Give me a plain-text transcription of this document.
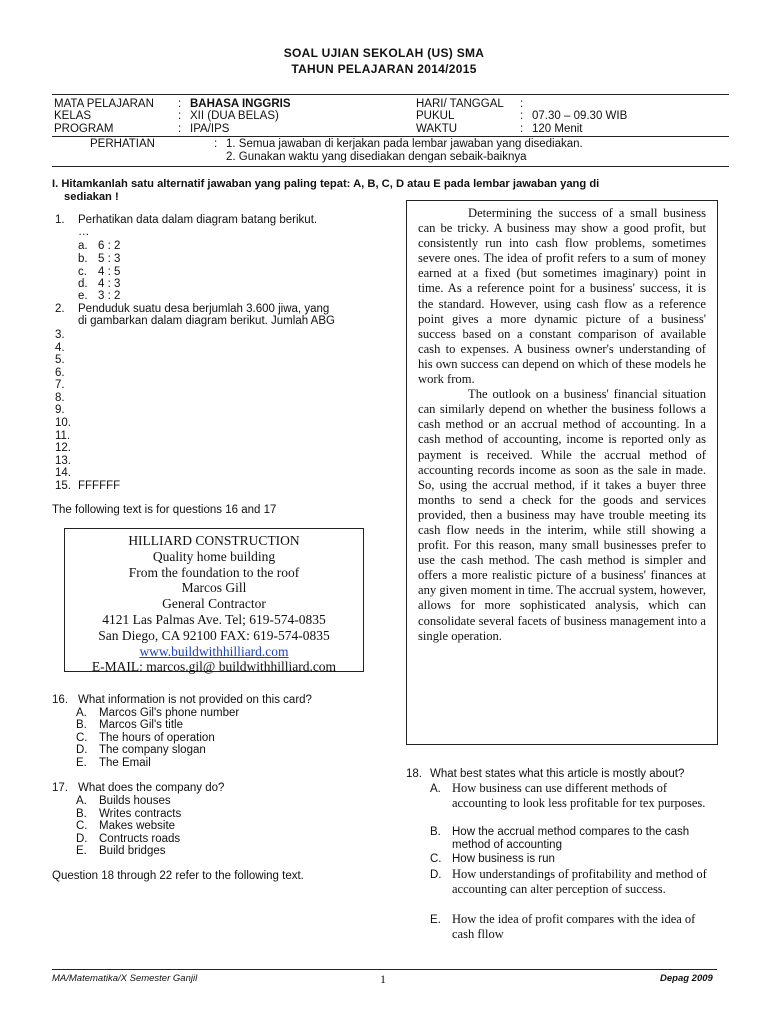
SOAL UJIAN SEKOLAH (US) SMA
TAHUN PELAJARAN 2014/2015
MATA PELAJARAN : BAHASA INGGRIS
KELAS	: XII (DUA BELAS)
PROGRAM	: IPA/IPS
HARI/ TANGGAL :
PUKUL	: 07.30 – 09.30 WIB
WAKTU	: 120 Menit
PERHATIAN	: 1. Semua jawaban di kerjakan pada lembar jawaban yang disediakan.
2. Gunakan waktu yang disediakan dengan sebaik-baiknya
I. Hitamkanlah satu alternatif jawaban yang paling tepat: A, B, C, D atau E pada lembar jawaban yang di
sediakan !
1. Perhatikan data dalam diagram batang berikut.
…
a. 6 : 2
b. 5 : 3
c. 4 : 5
d. 4 : 3
e. 3 : 2
2. Penduduk suatu desa berjumlah 3.600 jiwa, yang
di gambarkan dalam diagram berikut. Jumlah ABG
3.
4.
5.
6.
7.
8.
9.
10.
11.
12.
13.
14.
15. FFFFFF
The following text is for questions 16 and 17
HILLIARD CONSTRUCTION
Quality home building
From the foundation to the roof
Marcos Gill
General Contractor
4121 Las Palmas Ave. Tel; 619-574-0835
San Diego, CA 92100 FAX: 619-574-0835
www.buildwithhilliard.com
E-MAIL: marcos.gil@ buildwithhilliard.com
16. What information is not provided on this card?
A. Marcos Gil's phone number
B. Marcos Gil's title
C. The hours of operation
D. The company slogan
E. The Email
17. What does the company do?
A. Builds houses
B. Writes contracts
C. Makes website
D. Contructs roads
E. Build bridges
Question 18 through 22 refer to the following text.

Determining the success of a small business can be tricky. A business may show a good profit, but consistently run into cash flow problems, sometimes severe ones. The idea of profit refers to a sum of money earned at a fixed (but sometimes imaginary) point in time. As a reference point for a business' success, it is the standard. However, using cash flow as a reference point gives a more dynamic picture of a business' success based on a constant comparison of available cash to expenses. A business owner's understanding of his own success can depend on which of these models he work from.

The outlook on a business' financial situation can similarly depend on whether the business follows a cash method or an accrual method of accounting. In a cash method of accounting, income is reported only as payment is received. While the accrual method of accounting records income as soon as the sale in made. So, using the accrual method, if it takes a buyer three months to send a check for the goods and services provided, then a business may have trouble meeting its cash flow needs in the interim, while still showing a profit. For this reason, many small businesses prefer to use the cash method. The cash method is simpler and offers a more realistic picture of a business' finances at any given moment in time. The accrual system, however, allows for more sophisticated analysis, which can consolidate several facets of business management into a single operation.

18. What best states what this article is mostly about?
A. How business can use different methods of accounting to look less profitable for tex purposes.
B. How the accrual method compares to the cash method of accounting
C. How business is run
D. How understandings of profitability and method of accounting can alter perception of success.
E. How the idea of profit compares with the idea of cash fllow
MA/Matematika/X Semester Ganjil	1	Depag 2009
